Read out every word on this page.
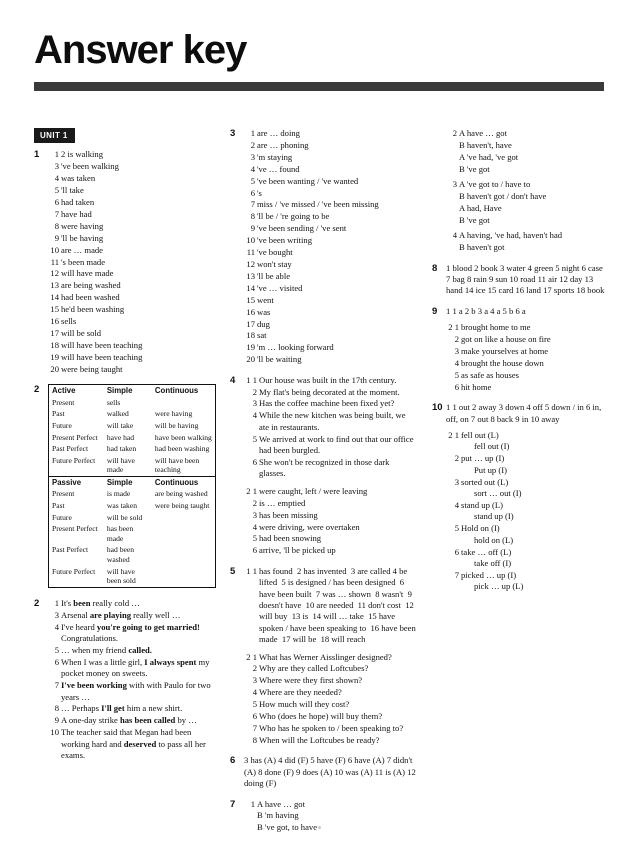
Answer key
UNIT 1
1	1 2 is walking
3 've been walking
4 was taken
5 'll take
6 had taken
7 have had
8 were having
9 'll be having
10 are … made
11 's been made
12 will have made
13 are being washed
14 had been washed
15 he'd been washing
16 sells
17 will be sold
18 will have been teaching
19 will have been teaching
20 were being taught
2 Active	Simple	Continuous
Present	sells	
Past	walked	were having
Future	will take	will be having
Present Perfect	have had	have been walking
Past Perfect	had taken	had been washing
Future Perfect	will have made	will have been teaching
Passive	Simple	Continuous
Present	is made	are being washed
Past	was taken	were being taught
Future	will be sold	
Present Perfect	has been made	
Past Perfect	had been washed	
Future Perfect	will have been sold	
2	1 It's been really cold …
3 Arsenal are playing really well …
4 I've heard you're going to get married! Congratulations.
5 … when my friend called.
6 When I was a little girl, I always spent my pocket money on sweets.
7 I've been working with with Paulo for two years …
8 … Perhaps I'll get him a new shirt.
9 A one-day strike has been called by …
10 The teacher said that Megan had been working hard and deserved to pass all her exams.
3	1 are … doing
2 are … phoning
3 'm staying
4 've … found
5 've been wanting / 've wanted
6 's
7 miss / 've missed / 've been missing
8 'll be / 're going to be
9 've been sending / 've sent
10 've been writing
11 've bought
12 won't stay
13 'll be able
14 've … visited
15 went
16 was
17 dug
18 sat
19 'm … looking forward
20 'll be waiting
4 1 1 Our house was built in the 17th century.
2 My flat's being decorated at the moment.
3 Has the coffee machine been fixed yet?
4 While the new kitchen was being built, we ate in restaurants.
5 We arrived at work to find out that our office had been burgled.
6 She won't be recognized in those dark glasses.
2 1 were caught, left / were leaving
2 is … emptied
3 has been missing
4 were driving, were overtaken
5 had been snowing
6 arrive, 'll be picked up
5 1 1 has found  2 has invented  3 are called 4 be lifted  5 is designed / has been designed  6 have been built  7 was … shown  8 wasn't  9 doesn't have  10 are needed  11 don't cost  12 will buy  13 is  14 will … take  15 have spoken / have been speaking to  16 have been made  17 will be  18 will reach
2 1 What has Werner Aisslinger designed?
2 Why are they called Loftcubes?
3 Where were they first shown?
4 Where are they needed?
5 How much will they cost?
6 Who (does he hope) will buy them?
7 Who has he spoken to / been speaking to?
8 When will the Loftcubes be ready?
6 3 has (A) 4 did (F) 5 have (F) 6 have (A) 7 didn't (A) 8 done (F) 9 does (A) 10 was (A) 11 is (A) 12 doing (F)
7	1 A have … got
B 'm having
B 've got, to have
2 A have … got
B haven't, have
A 've had, 've got
B 've got
3 A 've got to / have to
B haven't got / don't have
A had, Have
B 've got
4 A having, 've had, haven't had
B haven't got
8 1 blood 2 book 3 water 4 green 5 night 6 case 7 bag 8 rain 9 sun 10 road 11 air 12 day 13 hand 14 ice 15 card 16 land 17 sports 18 book
9 1 1 a 2 b 3 a 4 a 5 b 6 a
2 1 brought home to me
2 got on like a house on fire
3 make yourselves at home
4 brought the house down
5 as safe as houses
6 hit home
10 1 1 out 2 away 3 down 4 off 5 down / in 6 in, off, on 7 out 8 back 9 in 10 away
2 1 fell out (L)
fell out (I)
2 put … up (I)
Put up (I)
3 sorted out (L)
sort … out (I)
4 stand up (L)
stand up (I)
5 Hold on (I)
hold on (L)
6 take … off (L)
take off (I)
7 picked … up (I)
pick … up (L)
